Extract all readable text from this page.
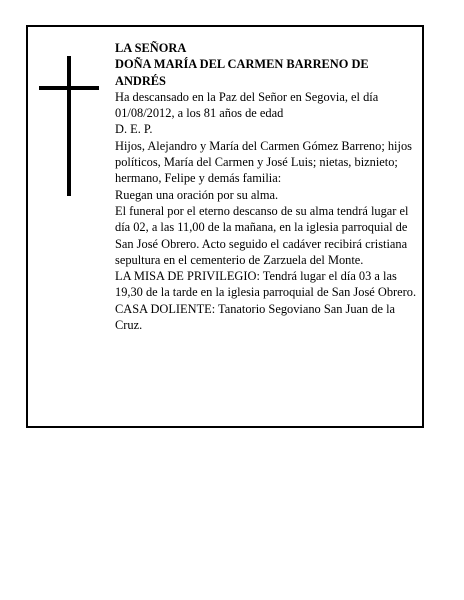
LA SEÑORA

DOÑA MARÍA DEL CARMEN BARRENO DE ANDRÉS

Ha descansado en la Paz del Señor en Segovia, el día 01/08/2012, a los 81 años de edad

D. E. P.

Hijos, Alejandro y María del Carmen Gómez Barreno; hijos políticos, María del Carmen y José Luis; nietas, biznieto; hermano, Felipe y demás familia:

Ruegan una oración por su alma.

El funeral por el eterno descanso de su alma tendrá lugar el día 02, a las 11,00 de la mañana, en la iglesia parroquial de San José Obrero. Acto seguido el cadáver recibirá cristiana sepultura en el cementerio de Zarzuela del Monte.

LA MISA DE PRIVILEGIO: Tendrá lugar el día 03 a las 19,30 de la tarde en la iglesia parroquial de San José Obrero.

CASA DOLIENTE: Tanatorio Segoviano San Juan de la Cruz.
